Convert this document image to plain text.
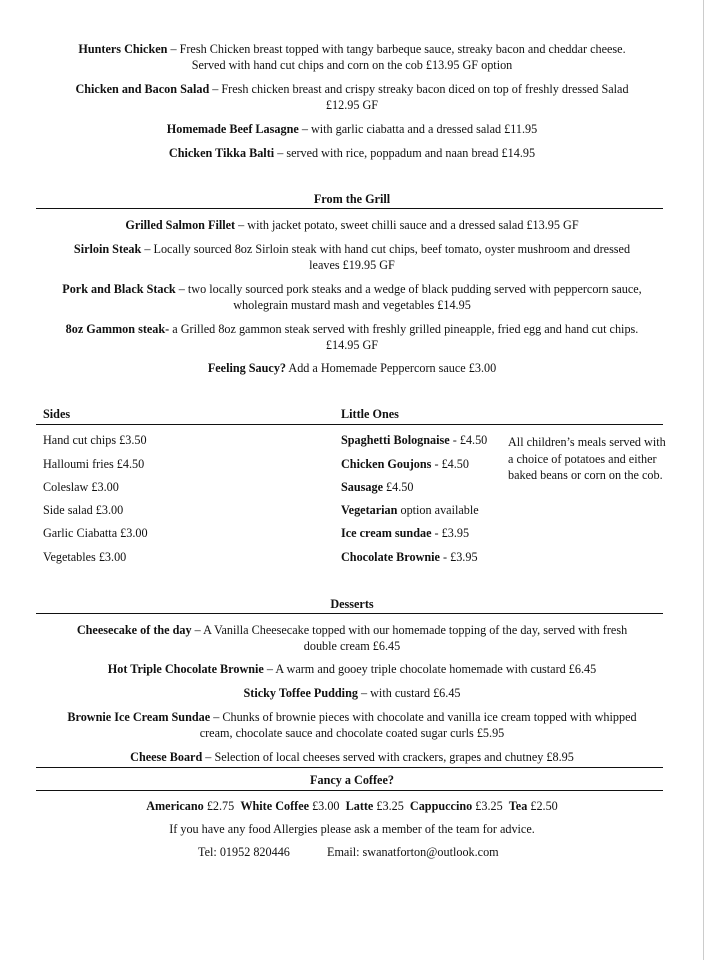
Hunters Chicken – Fresh Chicken breast topped with tangy barbeque sauce, streaky bacon and cheddar cheese.
Served with hand cut chips and corn on the cob £13.95 GF option
Chicken and Bacon Salad – Fresh chicken breast and crispy streaky bacon diced on top of freshly dressed Salad
£12.95 GF
Homemade Beef Lasagne – with garlic ciabatta and a dressed salad £11.95
Chicken Tikka Balti – served with rice, poppadum and naan bread £14.95
From the Grill
Grilled Salmon Fillet – with jacket potato, sweet chilli sauce and a dressed salad £13.95 GF
Sirloin Steak – Locally sourced 8oz Sirloin steak with hand cut chips, beef tomato, oyster mushroom and dressed
leaves £19.95 GF
Pork and Black Stack – two locally sourced pork steaks and a wedge of black pudding served with peppercorn sauce,
wholegrain mustard mash and vegetables £14.95
8oz Gammon steak- a Grilled 8oz gammon steak served with freshly grilled pineapple, fried egg and hand cut chips.
£14.95 GF
Feeling Saucy? Add a Homemade Peppercorn sauce £3.00
Sides	Little Ones
Hand cut chips £3.50
Halloumi fries £4.50
Coleslaw £3.00
Side salad £3.00
Garlic Ciabatta £3.00
Vegetables £3.00
Spaghetti Bolognaise - £4.50
Chicken Goujons - £4.50
Sausage £4.50
Vegetarian option available
Ice cream sundae - £3.95
Chocolate Brownie - £3.95
All children’s meals served with a choice of potatoes and either baked beans or corn on the cob.
Desserts
Cheesecake of the day – A Vanilla Cheesecake topped with our homemade topping of the day, served with fresh
double cream £6.45
Hot Triple Chocolate Brownie – A warm and gooey triple chocolate homemade with custard £6.45
Sticky Toffee Pudding – with custard £6.45
Brownie Ice Cream Sundae – Chunks of brownie pieces with chocolate and vanilla ice cream topped with whipped
cream, chocolate sauce and chocolate coated sugar curls £5.95
Cheese Board – Selection of local cheeses served with crackers, grapes and chutney £8.95
Fancy a Coffee?
Americano £2.75  White Coffee £3.00  Latte £3.25  Cappuccino £3.25  Tea £2.50
If you have any food Allergies please ask a member of the team for advice.
Tel: 01952 820446	Email: swanatforton@outlook.com
